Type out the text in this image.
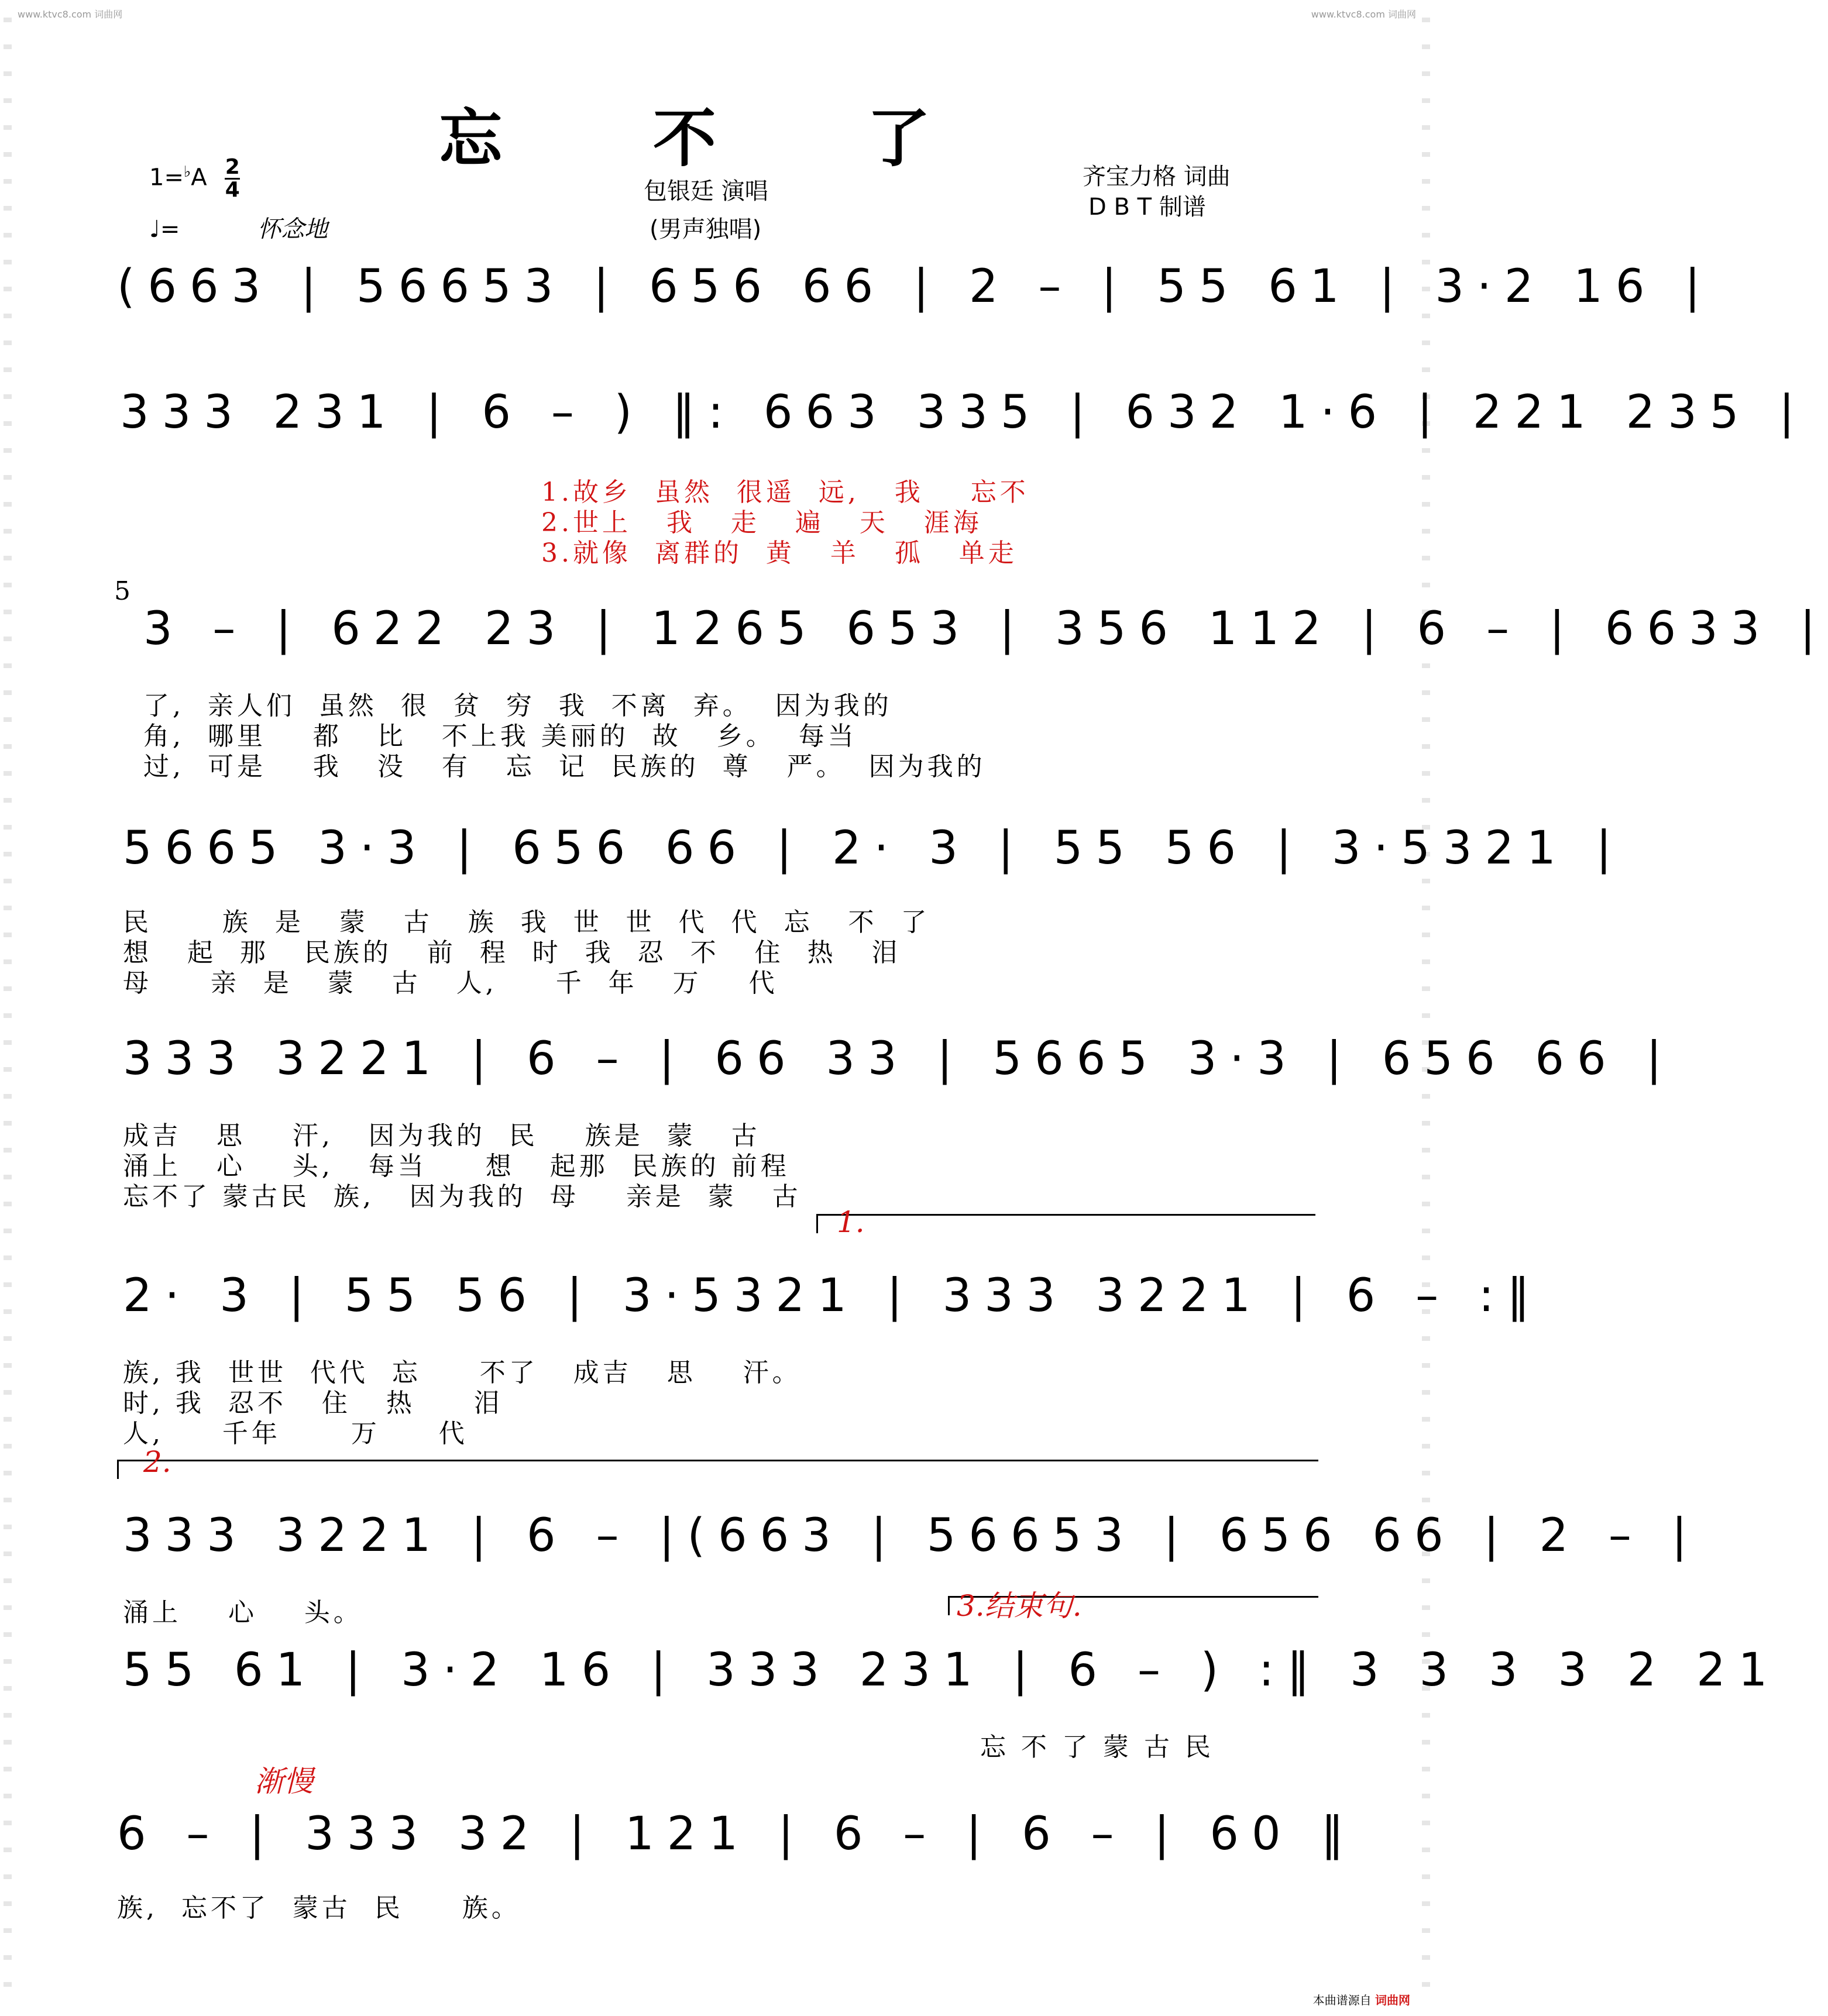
www.ktvc8.com 词曲网	www.ktvc8.com 词曲网
忘 不 了
$1=^♭A \frac{2}{4}$
♩=	怀念地
包银廷 演唱
(男声独唱)
齐宝力格 词曲
D B T 制谱
(663 | 56653 | 656 66 | 2 – | 55 61 | 3·2 16 |
333 231 | 6 – ) ‖: 663 335 | 632 1·6 | 221 235 |
1.故乡  虽然  很遥  远,   我    忘不
2.世上   我   走   遍   天   涯海
3.就像  离群的  黄   羊   孤   单走
5
3 – | 622 23 | 1265 653 | 356 112 | 6 – | 6633 |
了,  亲人们  虽然  很  贫  穷  我  不离  弃。  因为我的
角,  哪里    都   比   不上我 美丽的  故   乡。  每当
过,  可是    我   没   有   忘  记  民族的  尊   严。  因为我的
5665 3·3 | 656 66 | 2· 3 | 55 56 | 3·5321 |
民      族  是   蒙   古   族  我  世  世  代  代  忘   不  了
想   起  那   民族的   前  程  时  我  忍  不   住  热   泪
母     亲  是   蒙   古   人,     千  年   万    代
333 3221 | 6 – | 66 33 | 5665 3·3 | 656 66 |
成吉   思    汗,   因为我的  民    族是  蒙   古
涌上   心    头,   每当     想   起那  民族的 前程
忘不了 蒙古民  族,   因为我的  母    亲是  蒙   古
1.
2· 3 | 55 56 | 3·5321 | 333 3221 | 6 – :‖
族, 我  世世  代代  忘     不了   成吉   思    汗。
时, 我  忍不   住   热     泪
人,     千年      万     代
2.
333 3221 | 6 – |(663 | 56653 | 656 66 | 2 – |
涌上    心    头。	3.结束句.
55 61 | 3·2 16 | 333 231 | 6 – ) :‖ 3 3 3 3 2 21
忘 不 了 蒙 古 民
渐慢
6 – | 333 32 | 121 | 6 – | 6 – | 60 ‖
族,  忘不了  蒙古  民     族。
本曲谱源自 词曲网
